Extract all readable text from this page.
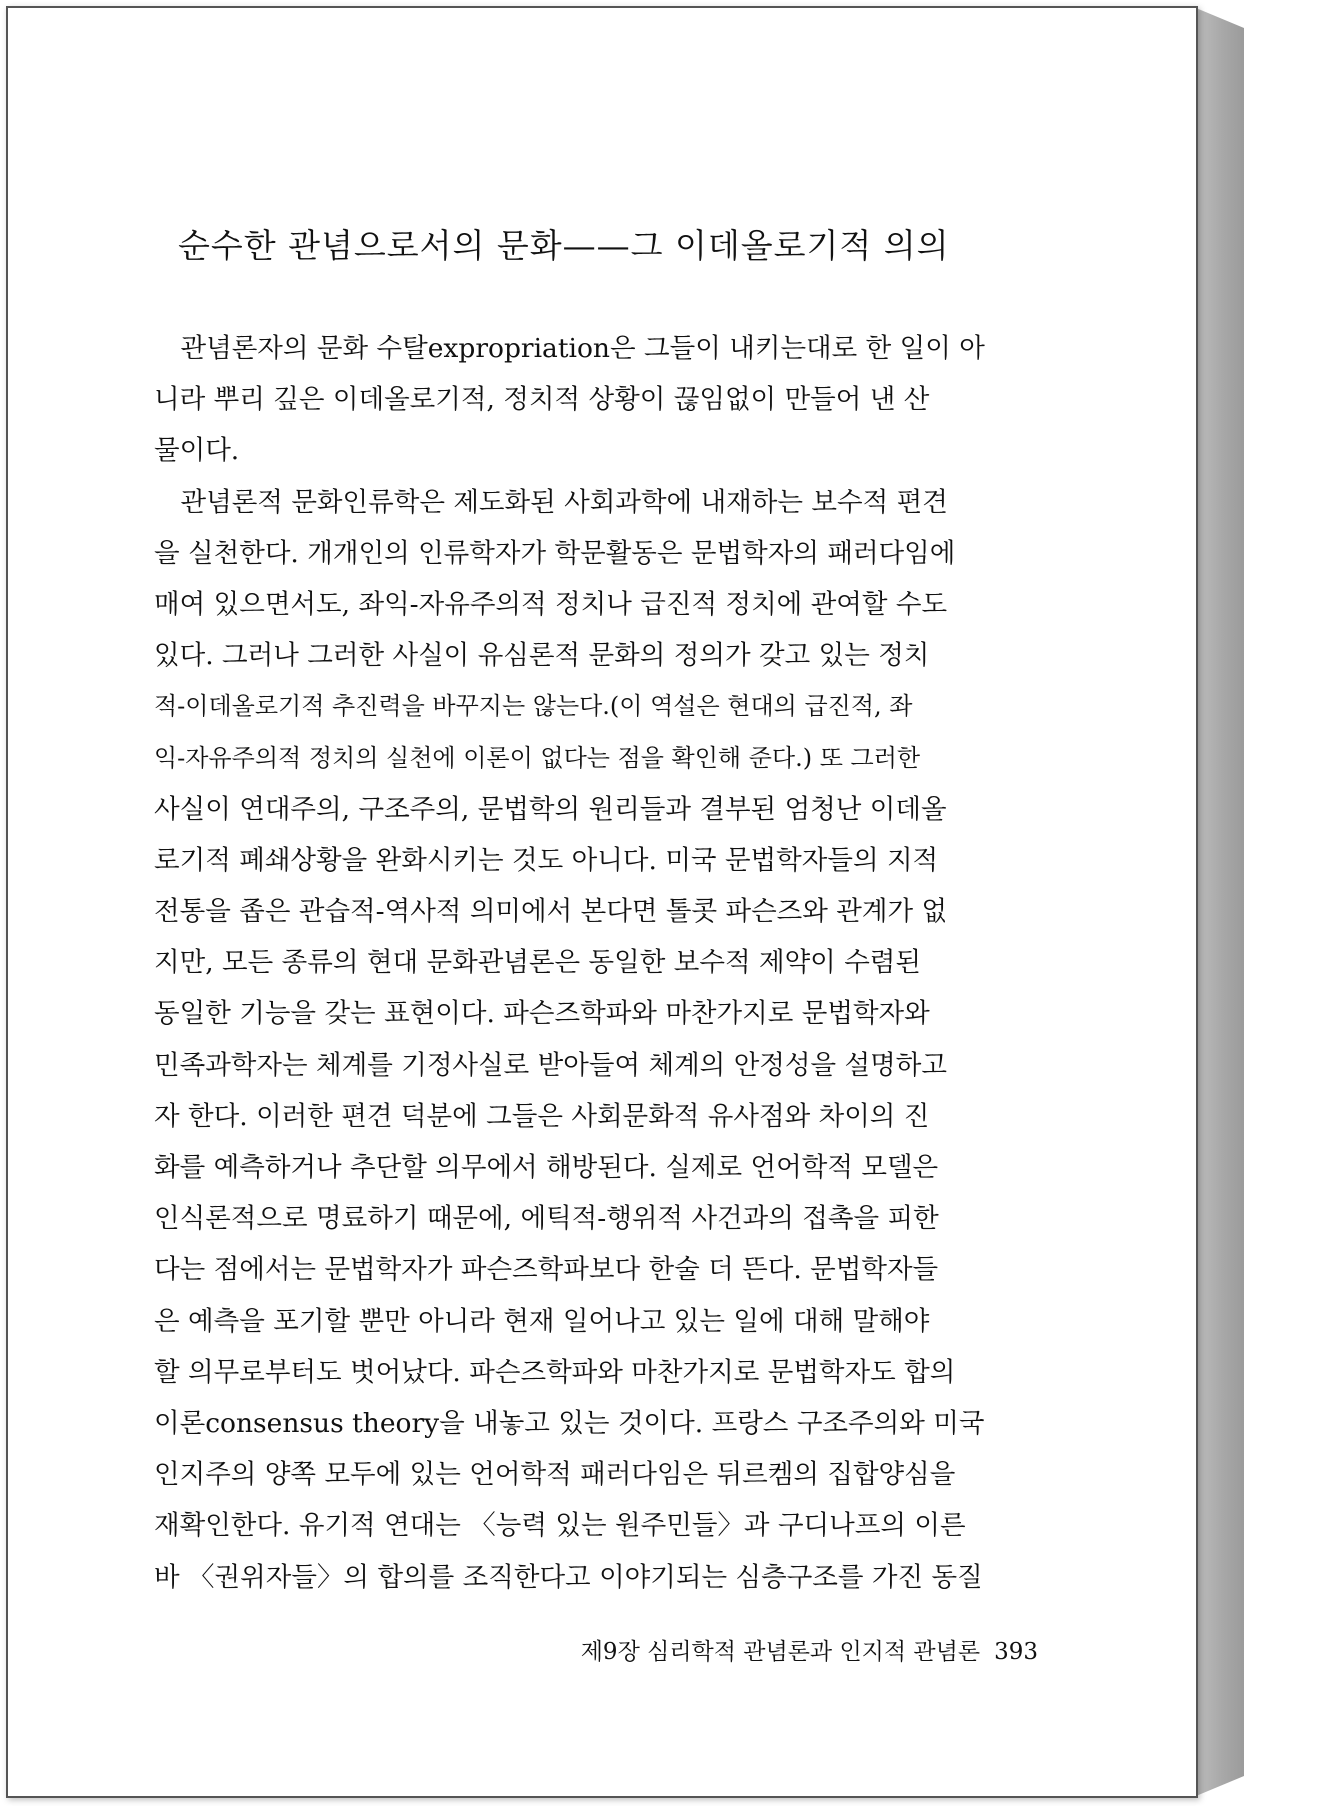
순수한 관념으로서의 문화——그 이데올로기적 의의
　관념론자의 문화 수탈expropriation은 그들이 내키는대로 한 일이 아
니라 뿌리 깊은 이데올로기적, 정치적 상황이 끊임없이 만들어 낸 산
물이다.
　관념론적 문화인류학은 제도화된 사회과학에 내재하는 보수적 편견
을 실천한다. 개개인의 인류학자가 학문활동은 문법학자의 패러다임에
매여 있으면서도, 좌익-자유주의적 정치나 급진적 정치에 관여할 수도
있다. 그러나 그러한 사실이 유심론적 문화의 정의가 갖고 있는 정치
적-이데올로기적 추진력을 바꾸지는 않는다.(이 역설은 현대의 급진적, 좌
익-자유주의적 정치의 실천에 이론이 없다는 점을 확인해 준다.) 또 그러한
사실이 연대주의, 구조주의, 문법학의 원리들과 결부된 엄청난 이데올
로기적 폐쇄상황을 완화시키는 것도 아니다. 미국 문법학자들의 지적
전통을 좁은 관습적-역사적 의미에서 본다면 톨콧 파슨즈와 관계가 없
지만, 모든 종류의 현대 문화관념론은 동일한 보수적 제약이 수렴된
동일한 기능을 갖는 표현이다. 파슨즈학파와 마찬가지로 문법학자와
민족과학자는 체계를 기정사실로 받아들여 체계의 안정성을 설명하고
자 한다. 이러한 편견 덕분에 그들은 사회문화적 유사점와 차이의 진
화를 예측하거나 추단할 의무에서 해방된다. 실제로 언어학적 모델은
인식론적으로 명료하기 때문에, 에틱적-행위적 사건과의 접촉을 피한
다는 점에서는 문법학자가 파슨즈학파보다 한술 더 뜬다. 문법학자들
은 예측을 포기할 뿐만 아니라 현재 일어나고 있는 일에 대해 말해야
할 의무로부터도 벗어났다. 파슨즈학파와 마찬가지로 문법학자도 합의
이론consensus theory을 내놓고 있는 것이다. 프랑스 구조주의와 미국
인지주의 양쪽 모두에 있는 언어학적 패러다임은 뒤르켐의 집합양심을
재확인한다. 유기적 연대는 〈능력 있는 원주민들〉과 구디나프의 이른
바 〈권위자들〉의 합의를 조직한다고 이야기되는 심층구조를 가진 동질
제9장 심리학적 관념론과 인지적 관념론 393
